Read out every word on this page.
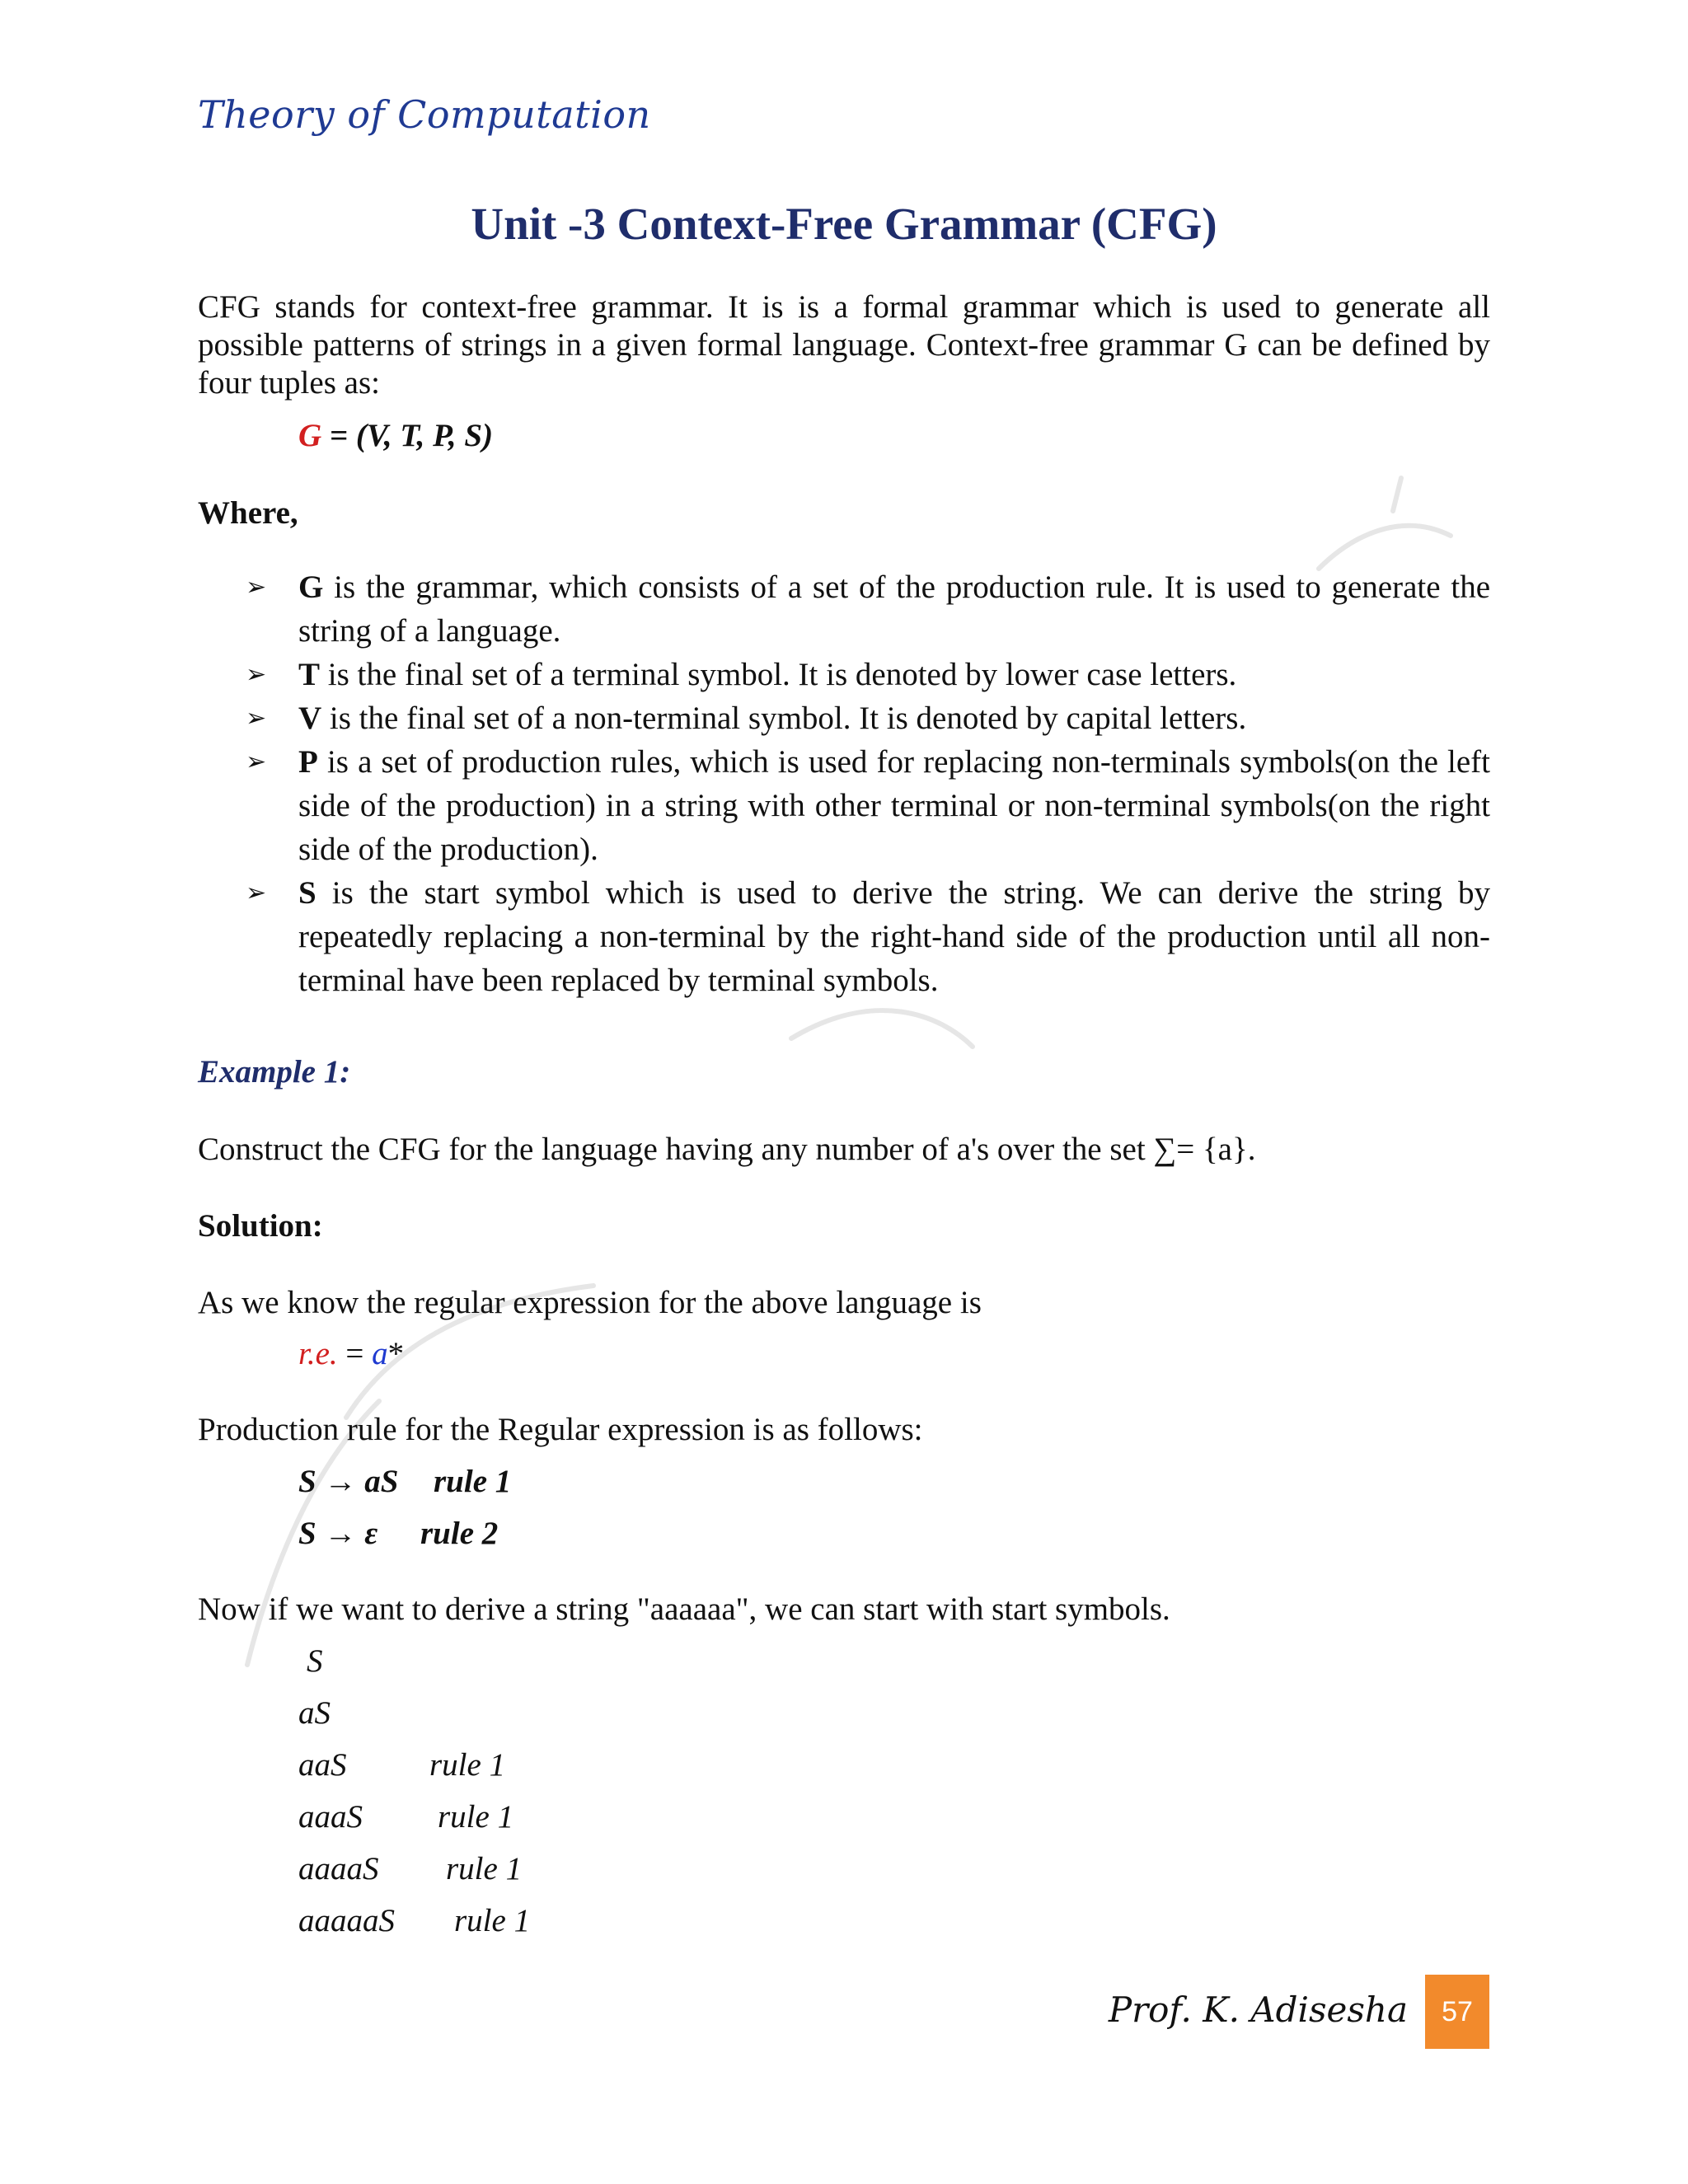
Theory of Computation
Unit -3 Context-Free Grammar (CFG)
CFG stands for context-free grammar. It is is a formal grammar which is used to generate all possible patterns of strings in a given formal language. Context-free grammar G can be defined by four tuples as:
G = (V, T, P, S)
Where,
➢ G is the grammar, which consists of a set of the production rule. It is used to generate the string of a language.
➢ T is the final set of a terminal symbol. It is denoted by lower case letters.
➢ V is the final set of a non-terminal symbol. It is denoted by capital letters.
➢ P is a set of production rules, which is used for replacing non-terminals symbols(on the left side of the production) in a string with other terminal or non-terminal symbols(on the right side of the production).
➢ S is the start symbol which is used to derive the string. We can derive the string by repeatedly replacing a non-terminal by the right-hand side of the production until all non-terminal have been replaced by terminal symbols.
Example 1:
Construct the CFG for the language having any number of a's over the set ∑= {a}.
Solution:
As we know the regular expression for the above language is
r.e. = a*
Production rule for the Regular expression is as follows:
S → aS rule 1
S → ε rule 2
Now if we want to derive a string "aaaaaa", we can start with start symbols.
S
aS
aaS	rule 1
aaaS rule 1
aaaaS rule 1
aaaaaS rule 1
Prof. K. Adisesha	57
